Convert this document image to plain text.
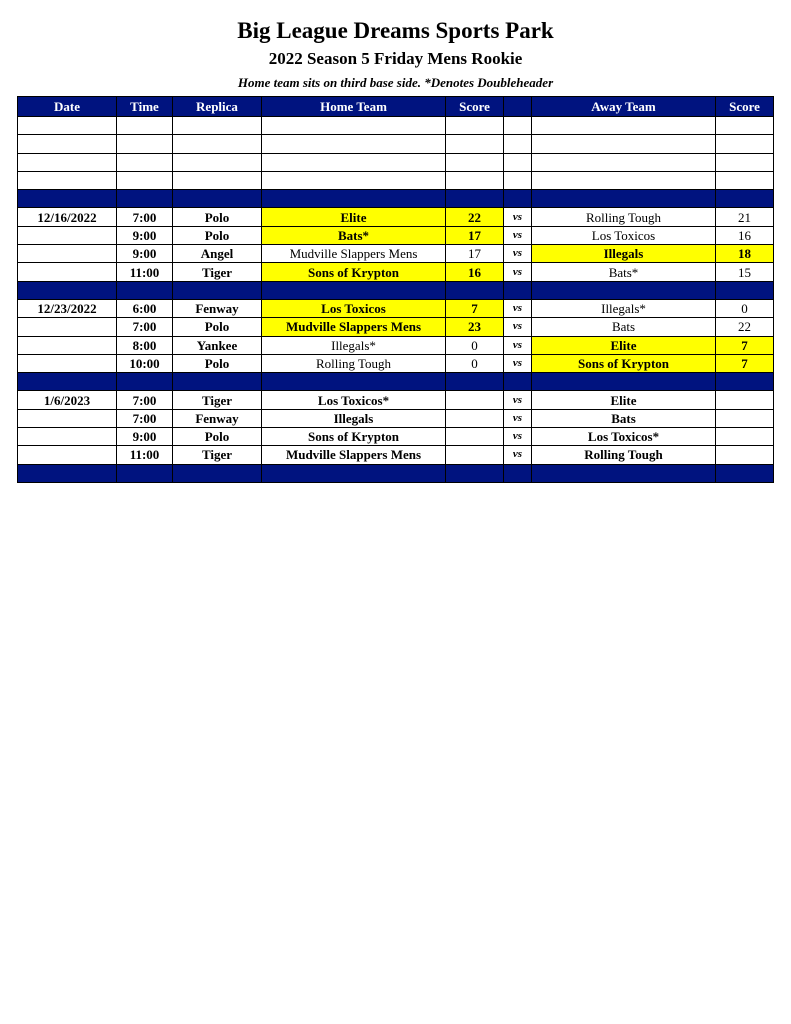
Big League Dreams Sports Park
2022 Season 5 Friday Mens Rookie
Home team sits on third base side. *Denotes Doubleheader
Date	Time	Replica	Home Team	Score		Away Team	Score

12/16/2022	7:00	Polo	Elite	22	vs	Rolling Tough	21
	9:00	Polo	Bats*	17	vs	Los Toxicos	16
	9:00	Angel	Mudville Slappers Mens	17	vs	Illegals	18
	11:00	Tiger	Sons of Krypton	16	vs	Bats*	15

12/23/2022	6:00	Fenway	Los Toxicos	7	vs	Illegals*	0
	7:00	Polo	Mudville Slappers Mens	23	vs	Bats	22
	8:00	Yankee	Illegals*	0	vs	Elite	7
	10:00	Polo	Rolling Tough	0	vs	Sons of Krypton	7

1/6/2023	7:00	Tiger	Los Toxicos*		vs	Elite	
	7:00	Fenway	Illegals		vs	Bats	
	9:00	Polo	Sons of Krypton		vs	Los Toxicos*	
	11:00	Tiger	Mudville Slappers Mens		vs	Rolling Tough	
